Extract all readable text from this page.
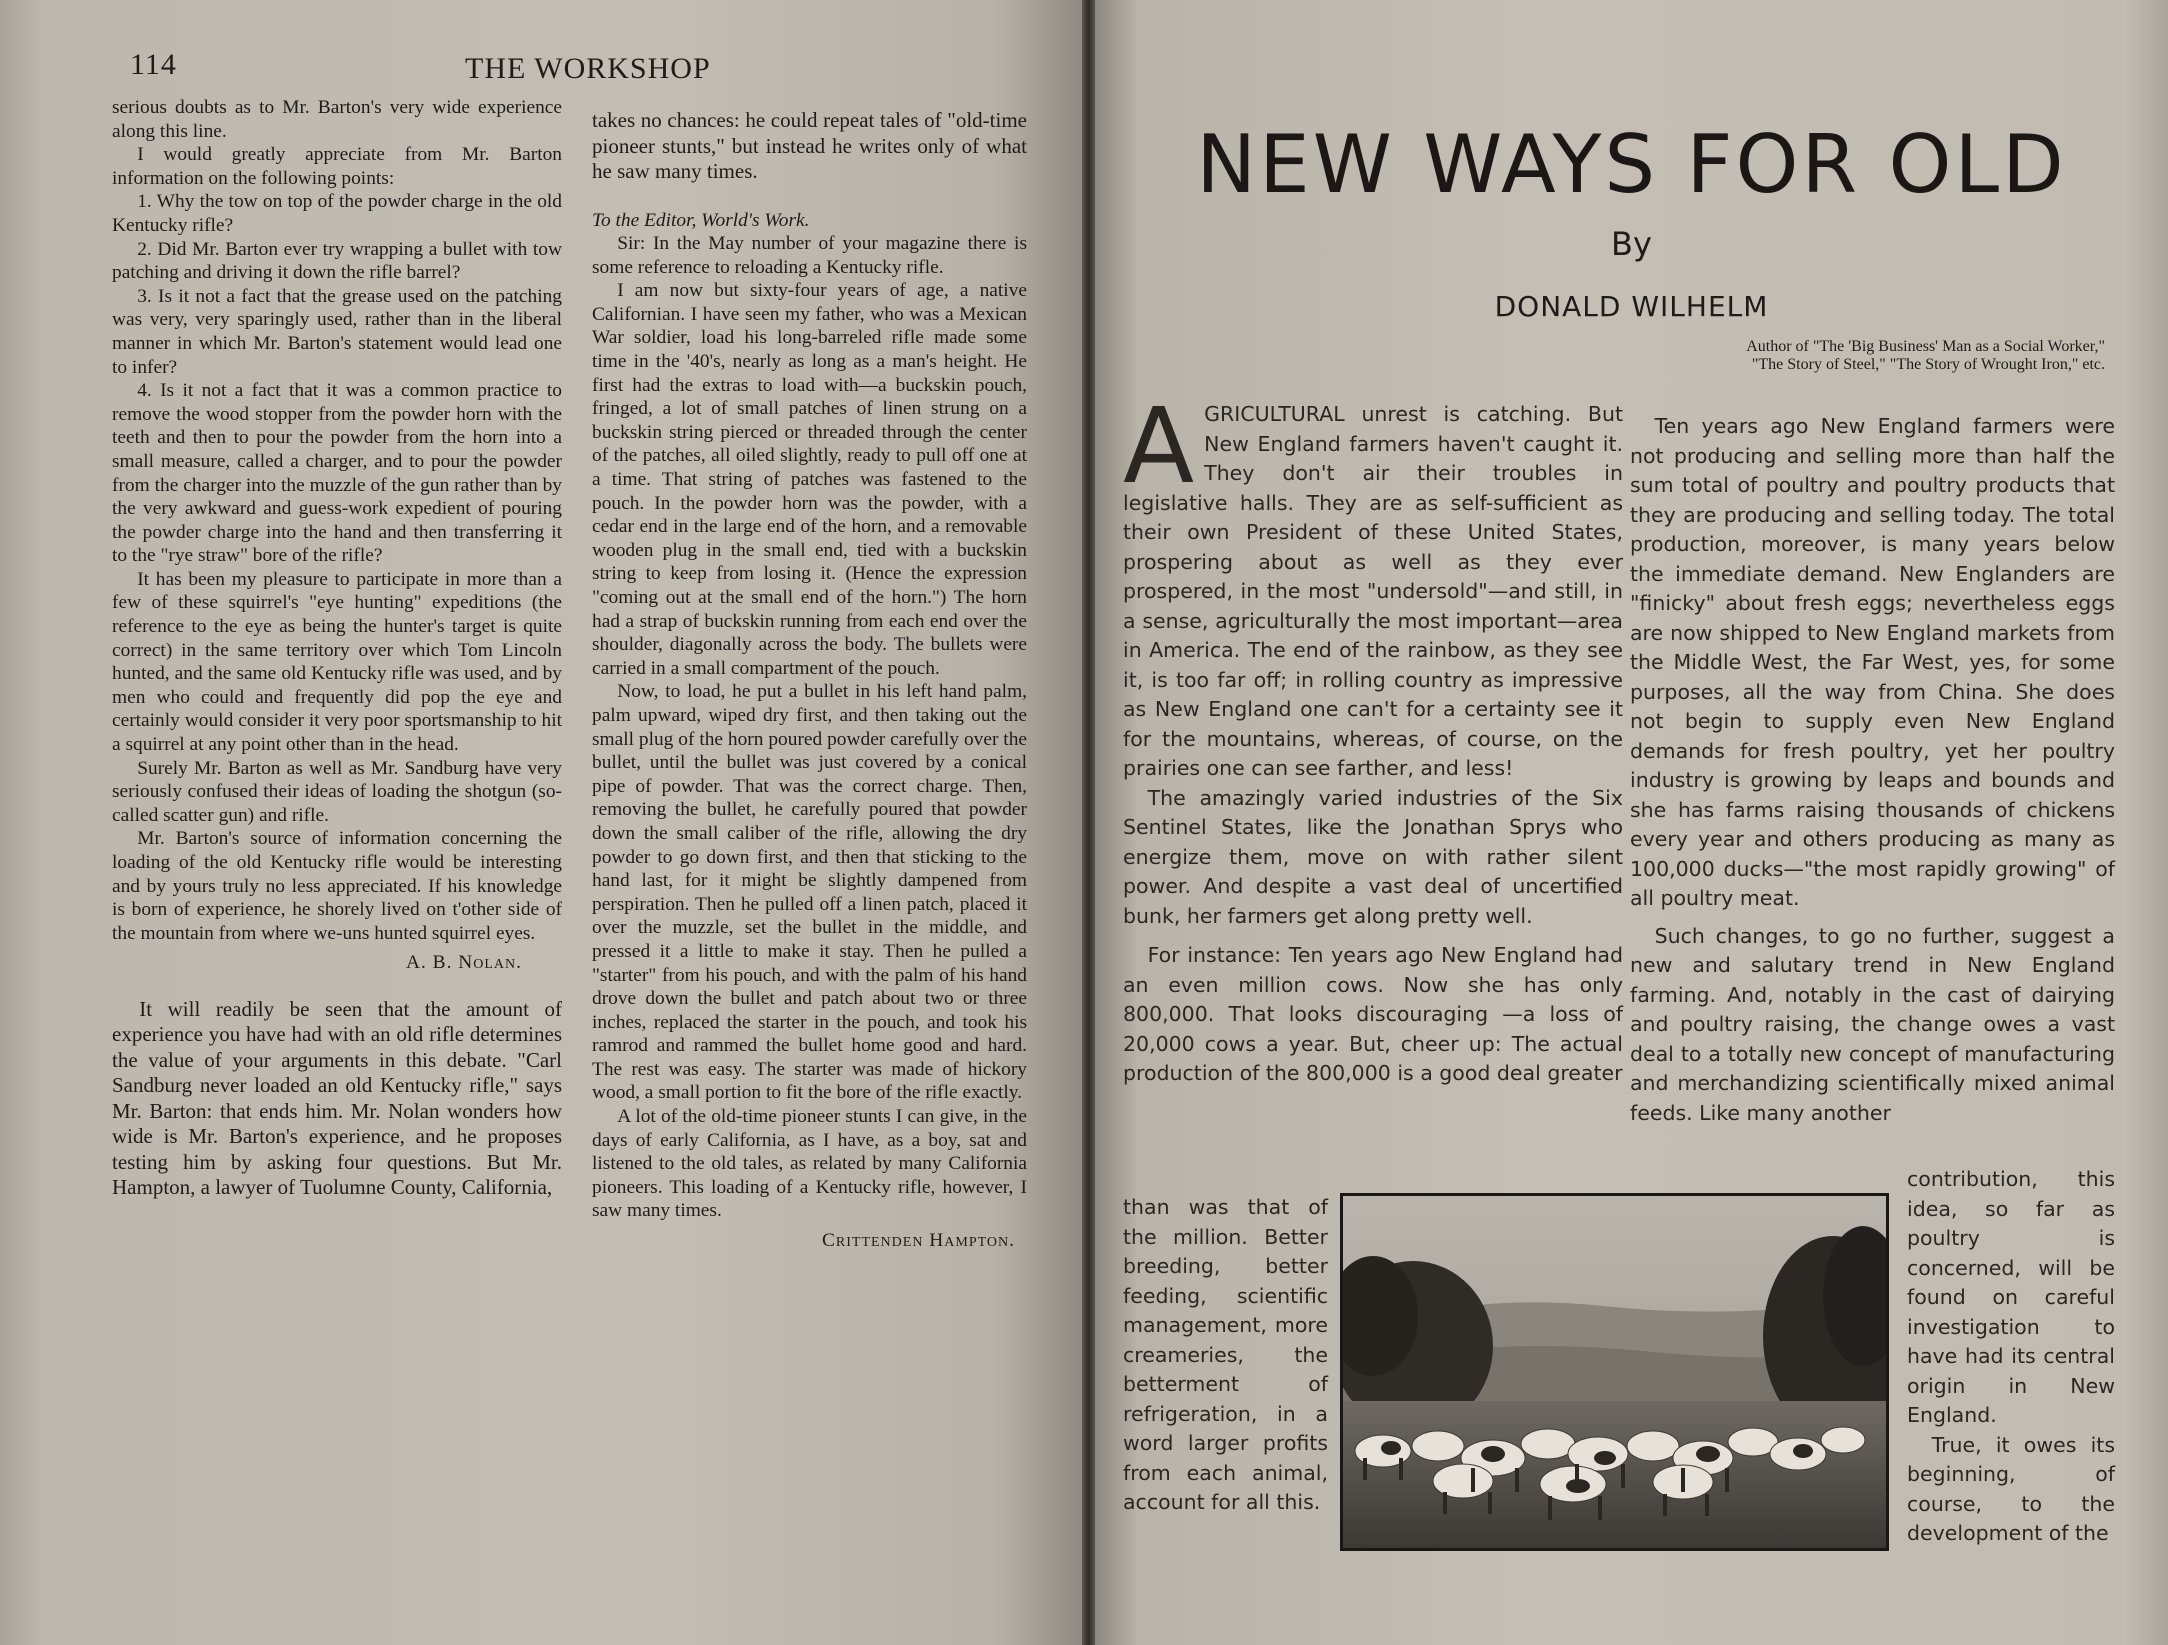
114	THE WORKSHOP

serious doubts as to Mr. Barton's very wide experience along this line.

I would greatly appreciate from Mr. Barton information on the following points:

1. Why the tow on top of the powder charge in the old Kentucky rifle?

2. Did Mr. Barton ever try wrapping a bullet with tow patching and driving it down the rifle barrel?

3. Is it not a fact that the grease used on the patching was very, very sparingly used, rather than in the liberal manner in which Mr. Barton's statement would lead one to infer?

4. Is it not a fact that it was a common practice to remove the wood stopper from the powder horn with the teeth and then to pour the powder from the horn into a small measure, called a charger, and to pour the powder from the charger into the muzzle of the gun rather than by the very awkward and guess-work expedient of pouring the powder charge into the hand and then transferring it to the "rye straw" bore of the rifle?

It has been my pleasure to participate in more than a few of these squirrel's "eye hunting" expeditions (the reference to the eye as being the hunter's target is quite correct) in the same territory over which Tom Lincoln hunted, and the same old Kentucky rifle was used, and by men who could and frequently did pop the eye and certainly would consider it very poor sportsmanship to hit a squirrel at any point other than in the head.

Surely Mr. Barton as well as Mr. Sandburg have very seriously confused their ideas of loading the shotgun (so-called scatter gun) and rifle.

Mr. Barton's source of information concerning the loading of the old Kentucky rifle would be interesting and by yours truly no less appreciated. If his knowledge is born of experience, he shorely lived on t'other side of the mountain from where we-uns hunted squirrel eyes.

A. B. Nolan.

It will readily be seen that the amount of experience you have had with an old rifle determines the value of your arguments in this debate. "Carl Sandburg never loaded an old Kentucky rifle," says Mr. Barton: that ends him. Mr. Nolan wonders how wide is Mr. Barton's experience, and he proposes testing him by asking four questions. But Mr. Hampton, a lawyer of Tuolumne County, California,

takes no chances: he could repeat tales of "old-time pioneer stunts," but instead he writes only of what he saw many times.

To the Editor, World's Work.

Sir: In the May number of your magazine there is some reference to reloading a Kentucky rifle.

I am now but sixty-four years of age, a native Californian. I have seen my father, who was a Mexican War soldier, load his long-barreled rifle made some time in the '40's, nearly as long as a man's height. He first had the extras to load with—a buckskin pouch, fringed, a lot of small patches of linen strung on a buckskin string pierced or threaded through the center of the patches, all oiled slightly, ready to pull off one at a time. That string of patches was fastened to the pouch. In the powder horn was the powder, with a cedar end in the large end of the horn, and a removable wooden plug in the small end, tied with a buckskin string to keep from losing it. (Hence the expression "coming out at the small end of the horn.") The horn had a strap of buckskin running from each end over the shoulder, diagonally across the body. The bullets were carried in a small compartment of the pouch.

Now, to load, he put a bullet in his left hand palm, palm upward, wiped dry first, and then taking out the small plug of the horn poured powder carefully over the bullet, until the bullet was just covered by a conical pipe of powder. That was the correct charge. Then, removing the bullet, he carefully poured that powder down the small caliber of the rifle, allowing the dry powder to go down first, and then that sticking to the hand last, for it might be slightly dampened from perspiration. Then he pulled off a linen patch, placed it over the muzzle, set the bullet in the middle, and pressed it a little to make it stay. Then he pulled a "starter" from his pouch, and with the palm of his hand drove down the bullet and patch about two or three inches, replaced the starter in the pouch, and took his ramrod and rammed the bullet home good and hard. The rest was easy. The starter was made of hickory wood, a small portion to fit the bore of the rifle exactly.

A lot of the old-time pioneer stunts I can give, in the days of early California, as I have, as a boy, sat and listened to the old tales, as related by many California pioneers. This loading of a Kentucky rifle, however, I saw many times.

Crittenden Hampton.
NEW WAYS FOR OLD
By
DONALD WILHELM
Author of "The 'Big Business' Man as a Social Worker,"
"The Story of Steel," "The Story of Wrought Iron," etc.

AGRICULTURAL unrest is catching. But New England farmers haven't caught it. They don't air their troubles in legislative halls. They are as self-sufficient as their own President of these United States, prospering about as well as they ever prospered, in the most "undersold"—and still, in a sense, agriculturally the most important—area in America. The end of the rainbow, as they see it, is too far off; in rolling country as impressive as New England one can't for a certainty see it for the mountains, whereas, of course, on the prairies one can see farther, and less!

The amazingly varied industries of the Six Sentinel States, like the Jonathan Sprys who energize them, move on with rather silent power. And despite a vast deal of uncertified bunk, her farmers get along pretty well.

For instance: Ten years ago New England had an even million cows. Now she has only 800,000. That looks discouraging —a loss of 20,000 cows a year. But, cheer up: The actual production of the 800,000 is a good deal greater

than was that of the million. Better breeding, better feeding, scientific management, more creameries, the betterment of refrigeration, in a word larger profits from each animal, account for all this.

Ten years ago New England farmers were not producing and selling more than half the sum total of poultry and poultry products that they are producing and selling today. The total production, moreover, is many years below the immediate demand. New Englanders are "finicky" about fresh eggs; nevertheless eggs are now shipped to New England markets from the Middle West, the Far West, yes, for some purposes, all the way from China. She does not begin to supply even New England demands for fresh poultry, yet her poultry industry is growing by leaps and bounds and she has farms raising thousands of chickens every year and others producing as many as 100,000 ducks—"the most rapidly growing" of all poultry meat.

Such changes, to go no further, suggest a new and salutary trend in New England farming. And, notably in the cast of dairying and poultry raising, the change owes a vast deal to a totally new concept of manufacturing and merchandizing scientifically mixed animal feeds. Like many another

contribution, this idea, so far as poultry is concerned, will be found on careful investigation to have had its central origin in New England.

True, it owes its beginning, of course, to the development of the
